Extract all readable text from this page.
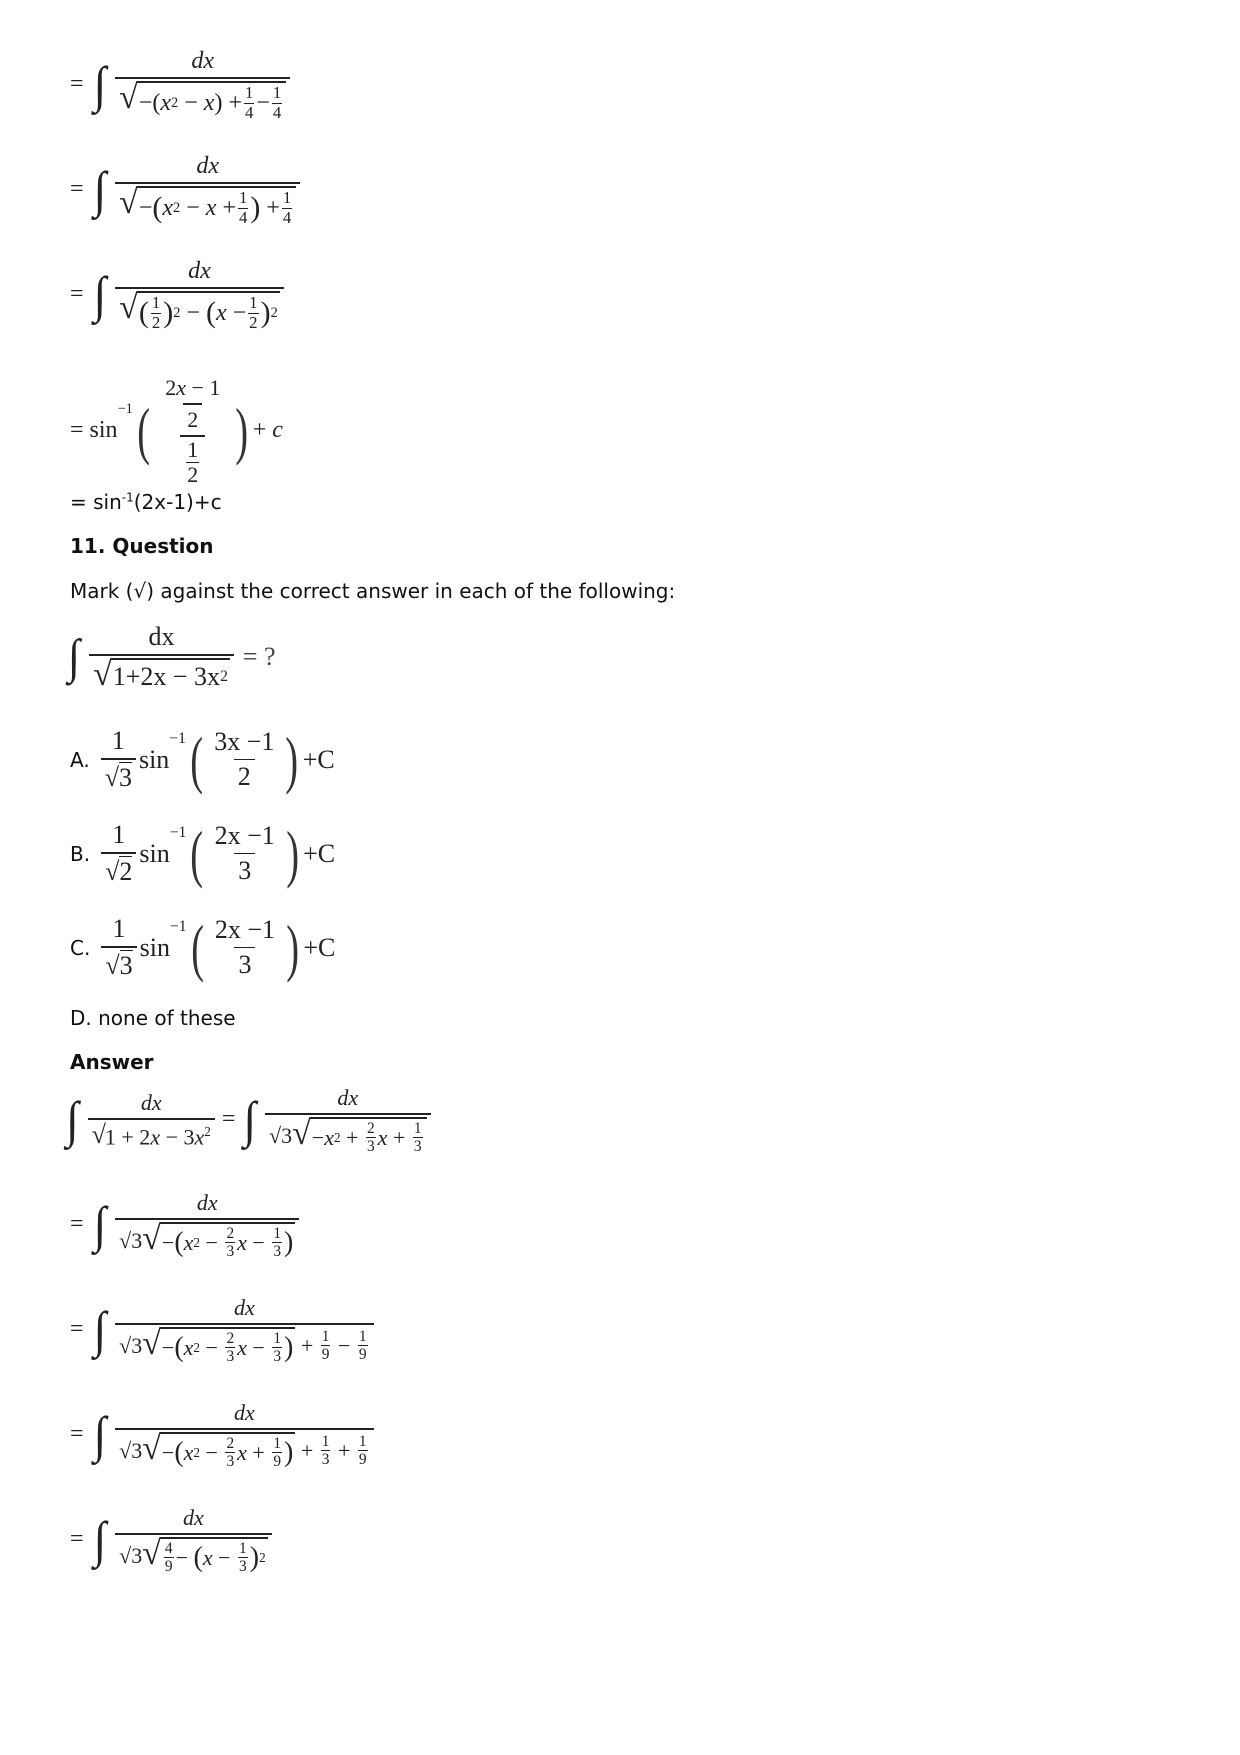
= ∫	dx
√ − ( x 2
−
x )
+ $\frac{1}{4} - \frac{1}{4}$
= ∫	dx
√ − ( x 2
−
x
+ $\frac{1}{4}$ )
+ $\frac{1}{4}$
= ∫	dx
√ ( $\frac{1}{2}$ ) 2
−
( x
− $\frac{1}{2}$ ) 2
= sin
$^{-1}$ ( $\frac{\frac{2x - 1}{2}}{\frac{1}{2}}$ ) +
c
= $\sin^{-1}(2x-1)+c$
11. Question
Mark (√) against the correct answer in each of the following:
∫ $\frac{dx}{√ 1+2x - 3x 2}$ = ?
A. $\frac{1}{√ 3}$ sin
$^{-1}$ ( $\frac{3x -1}{2}$ ) +C
B. $\frac{1}{√ 2}$ sin
$^{-1}$ ( $\frac{2x -1}{3}$ ) +C
C. $\frac{1}{√ 3}$ sin
$^{-1}$ ( $\frac{2x -1}{3}$ ) +C
D. none of these
Answer
∫ $\frac{dx}{√ 1 + 2x - 3x^2}$ = ∫ dx
√ 3 √ − x 2 + 2
3 x + 1
3
= ∫ dx
√ 3 √ − ( x 2 − 2
3 x − 1
3 )
= ∫ dx
√ 3 √ − ( x 2 − 2
3 x − 1
3 ) + 1
9 − 1
9
= ∫ dx
√ 3 √ − ( x 2 − 2
3 x + 1
9 ) + 1
3 + 1
9
= ∫ dx
√ 3 √ 4
9 − ( x − 1
3 ) 2
